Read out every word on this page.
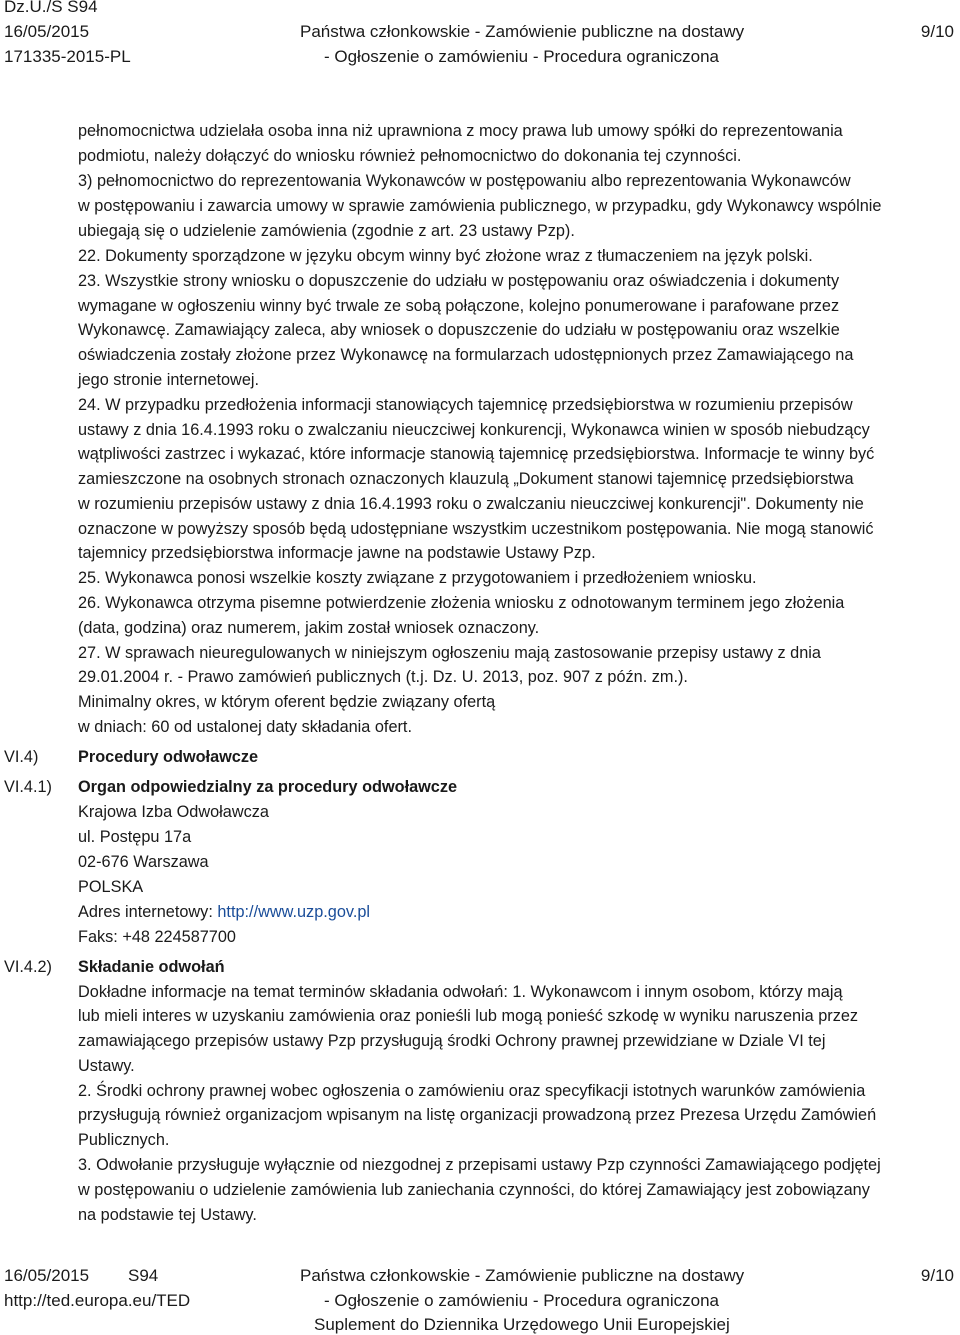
Dz.U./S S94
16/05/2015
171335-2015-PL
Państwa członkowskie - Zamówienie publiczne na dostawy
- Ogłoszenie o zamówieniu - Procedura ograniczona
9/10
pełnomocnictwa udzielała osoba inna niż uprawniona z mocy prawa lub umowy spółki do reprezentowania
podmiotu, należy dołączyć do wniosku również pełnomocnictwo do dokonania tej czynności.
3) pełnomocnictwo do reprezentowania Wykonawców w postępowaniu albo reprezentowania Wykonawców
w postępowaniu i zawarcia umowy w sprawie zamówienia publicznego, w przypadku, gdy Wykonawcy wspólnie
ubiegają się o udzielenie zamówienia (zgodnie z art. 23 ustawy Pzp).
22. Dokumenty sporządzone w języku obcym winny być złożone wraz z tłumaczeniem na język polski.
23. Wszystkie strony wniosku o dopuszczenie do udziału w postępowaniu oraz oświadczenia i dokumenty
wymagane w ogłoszeniu winny być trwale ze sobą połączone, kolejno ponumerowane i parafowane przez
Wykonawcę. Zamawiający zaleca, aby wniosek o dopuszczenie do udziału w postępowaniu oraz wszelkie
oświadczenia zostały złożone przez Wykonawcę na formularzach udostępnionych przez Zamawiającego na
jego stronie internetowej.
24. W przypadku przedłożenia informacji stanowiących tajemnicę przedsiębiorstwa w rozumieniu przepisów
ustawy z dnia 16.4.1993 roku o zwalczaniu nieuczciwej konkurencji, Wykonawca winien w sposób niebudzący
wątpliwości zastrzec i wykazać, które informacje stanowią tajemnicę przedsiębiorstwa. Informacje te winny być
zamieszczone na osobnych stronach oznaczonych klauzulą „Dokument stanowi tajemnicę przedsiębiorstwa
w rozumieniu przepisów ustawy z dnia 16.4.1993 roku o zwalczaniu nieuczciwej konkurencji". Dokumenty nie
oznaczone w powyższy sposób będą udostępniane wszystkim uczestnikom postępowania. Nie mogą stanowić
tajemnicy przedsiębiorstwa informacje jawne na podstawie Ustawy Pzp.
25. Wykonawca ponosi wszelkie koszty związane z przygotowaniem i przedłożeniem wniosku.
26. Wykonawca otrzyma pisemne potwierdzenie złożenia wniosku z odnotowanym terminem jego złożenia
(data, godzina) oraz numerem, jakim został wniosek oznaczony.
27. W sprawach nieuregulowanych w niniejszym ogłoszeniu mają zastosowanie przepisy ustawy z dnia
29.01.2004 r. - Prawo zamówień publicznych (t.j. Dz. U. 2013, poz. 907 z późn. zm.).
Minimalny okres, w którym oferent będzie związany ofertą
w dniach: 60 od ustalonej daty składania ofert.
VI.4) Procedury odwoławcze
VI.4.1) Organ odpowiedzialny za procedury odwoławcze
Krajowa Izba Odwoławcza
ul. Postępu 17a
02-676 Warszawa
POLSKA
Adres internetowy: http://www.uzp.gov.pl
Faks: +48 224587700
VI.4.2) Składanie odwołań
Dokładne informacje na temat terminów składania odwołań: 1. Wykonawcom i innym osobom, którzy mają
lub mieli interes w uzyskaniu zamówienia oraz ponieśli lub mogą ponieść szkodę w wyniku naruszenia przez
zamawiającego przepisów ustawy Pzp przysługują środki Ochrony prawnej przewidziane w Dziale VI tej
Ustawy.
2. Środki ochrony prawnej wobec ogłoszenia o zamówieniu oraz specyfikacji istotnych warunków zamówienia
przysługują również organizacjom wpisanym na listę organizacji prowadzoną przez Prezesa Urzędu Zamówień
Publicznych.
3. Odwołanie przysługuje wyłącznie od niezgodnej z przepisami ustawy Pzp czynności Zamawiającego podjętej
w postępowaniu o udzielenie zamówienia lub zaniechania czynności, do której Zamawiający jest zobowiązany
na podstawie tej Ustawy.
16/05/2015 S94
http://ted.europa.eu/TED
Państwa członkowskie - Zamówienie publiczne na dostawy
- Ogłoszenie o zamówieniu - Procedura ograniczona
Suplement do Dziennika Urzędowego Unii Europejskiej
9/10
